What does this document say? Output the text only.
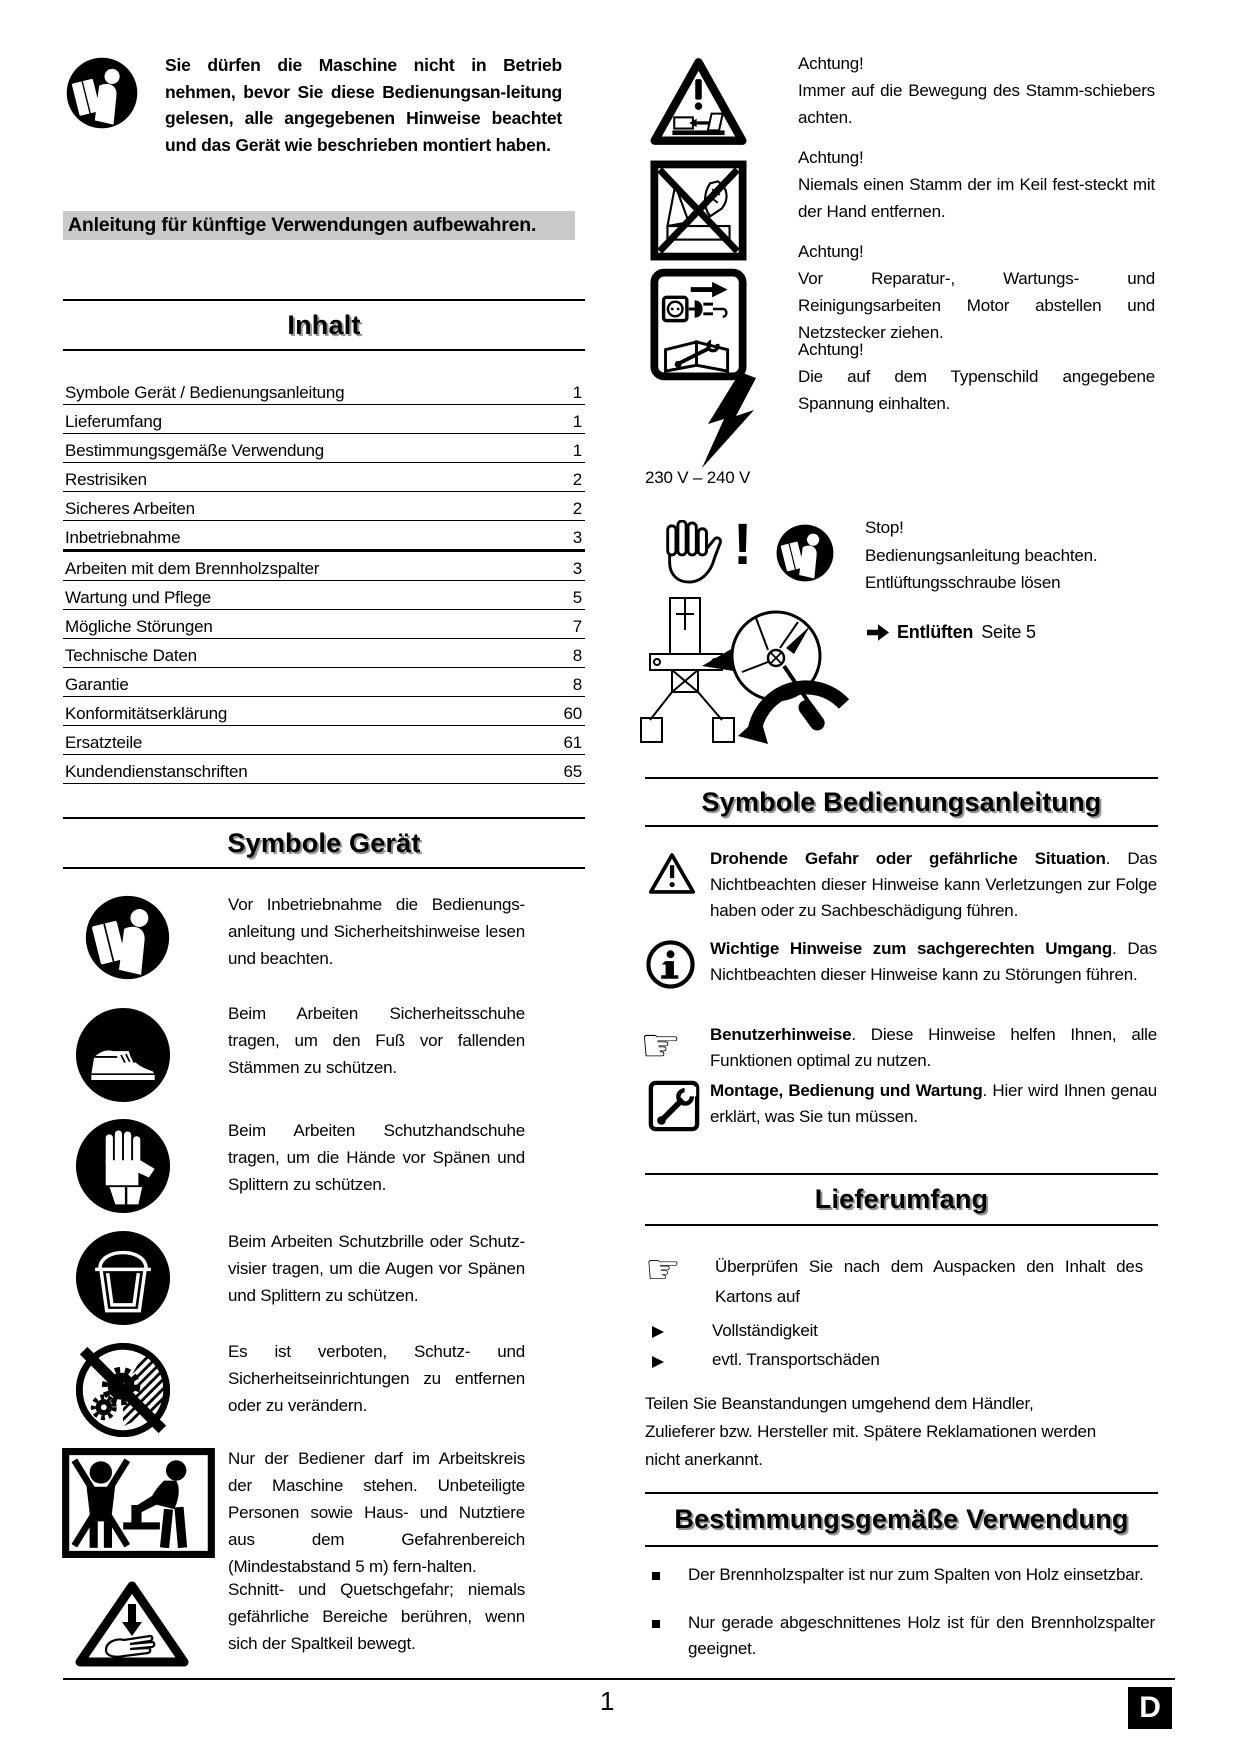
Sie dürfen die Maschine nicht in Betrieb nehmen, bevor Sie diese Bedienungsan-leitung gelesen, alle angegebenen Hinweise beachtet und das Gerät wie beschrieben montiert haben.
Anleitung für künftige Verwendungen aufbewahren.
Inhalt
Symbole Gerät / Bedienungsanleitung	1
Lieferumfang	1
Bestimmungsgemäße Verwendung	1
Restrisiken	2
Sicheres Arbeiten	2
Inbetriebnahme	3
Arbeiten mit dem Brennholzspalter	3
Wartung und Pflege	5
Mögliche Störungen	7
Technische Daten	8
Garantie	8
Konformitätserklärung	60
Ersatzteile	61
Kundendienstanschriften	65
Symbole Gerät
Vor Inbetriebnahme die Bedienungs-anleitung und Sicherheitshinweise lesen und beachten.
Beim Arbeiten Sicherheitsschuhe tragen, um den Fuß vor fallenden Stämmen zu schützen.
Beim Arbeiten Schutzhandschuhe tragen, um die Hände vor Spänen und Splittern zu schützen.
Beim Arbeiten Schutzbrille oder Schutz-visier tragen, um die Augen vor Spänen und Splittern zu schützen.
Es ist verboten, Schutz- und Sicherheitseinrichtungen zu entfernen oder zu verändern.
Nur der Bediener darf im Arbeitskreis der Maschine stehen. Unbeteiligte Personen sowie Haus- und Nutztiere aus dem Gefahrenbereich (Mindestabstand 5 m) fern-halten.
Schnitt- und Quetschgefahr; niemals gefährliche Bereiche berühren, wenn sich der Spaltkeil bewegt.
Achtung!

Immer auf die Bewegung des Stamm-schiebers achten.

Achtung!

Niemals einen Stamm der im Keil fest-steckt mit der Hand entfernen.

Achtung!

Vor Reparatur-, Wartungs- und Reinigungsarbeiten Motor abstellen und Netzstecker ziehen.

Achtung!

Die auf dem Typenschild angegebene Spannung einhalten.

230 V – 240 V
!	Stop!
Bedienungsanleitung beachten.
Entlüftungsschraube lösen
Entlüften Seite 5
Symbole Bedienungsanleitung
Drohende Gefahr oder gefährliche Situation. Das Nichtbeachten dieser Hinweise kann Verletzungen zur Folge haben oder zu Sachbeschädigung führen.
Wichtige Hinweise zum sachgerechten Umgang. Das Nichtbeachten dieser Hinweise kann zu Störungen führen.
☞ Benutzerhinweise. Diese Hinweise helfen Ihnen, alle Funktionen optimal zu nutzen.
Montage, Bedienung und Wartung. Hier wird Ihnen genau erklärt, was Sie tun müssen.
Lieferumfang
☞ Überprüfen Sie nach dem Auspacken den Inhalt des Kartons auf
Vollständigkeit
evtl. Transportschäden
Teilen Sie Beanstandungen umgehend dem Händler,
Zulieferer bzw. Hersteller mit. Spätere Reklamationen werden
nicht anerkannt.
Bestimmungsgemäße Verwendung
Der Brennholzspalter ist nur zum Spalten von Holz einsetzbar.
Nur gerade abgeschnittenes Holz ist für den Brennholzspalter geeignet.
1	D
